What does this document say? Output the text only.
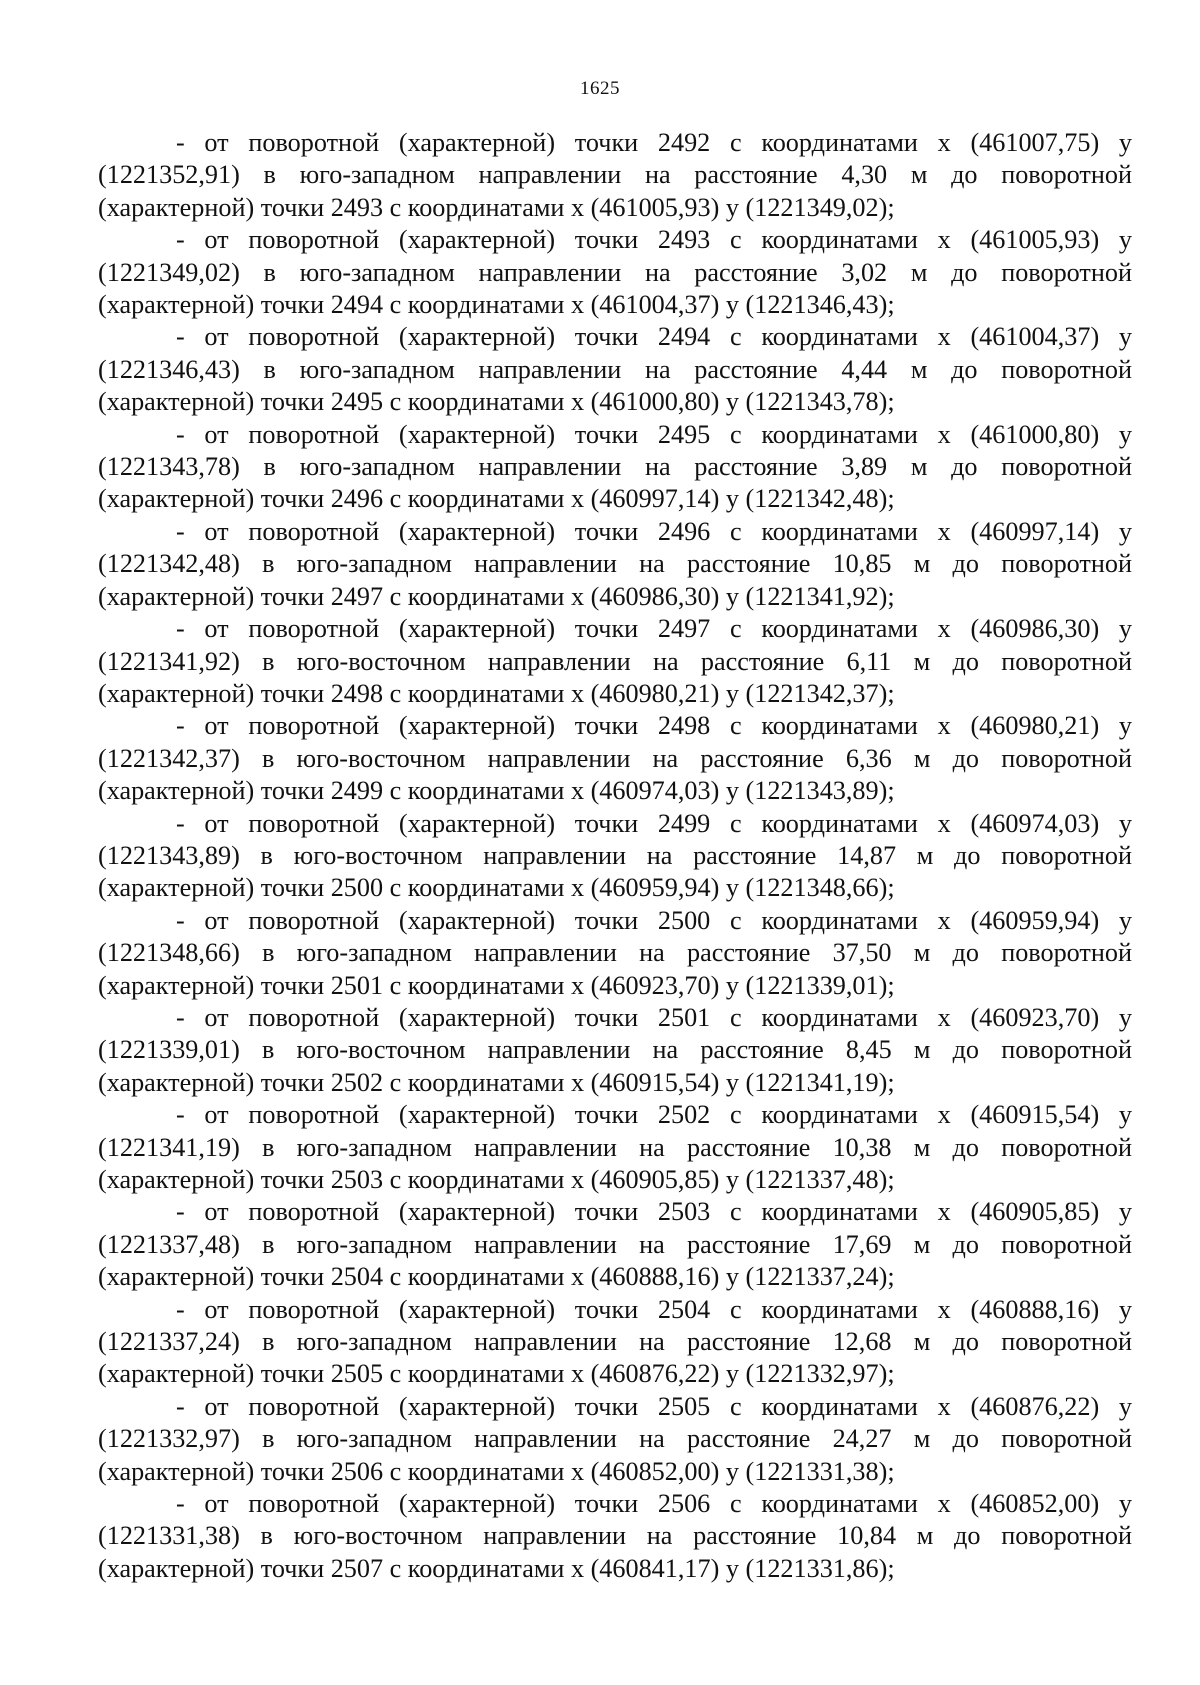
1625

- от поворотной (характерной) точки 2492 с координатами х (461007,75) у (1221352,91) в юго-западном направлении на расстояние 4,30 м до поворотной (характерной) точки 2493 с координатами х (461005,93) у (1221349,02);

- от поворотной (характерной) точки 2493 с координатами х (461005,93) у (1221349,02) в юго-западном направлении на расстояние 3,02 м до поворотной (характерной) точки 2494 с координатами х (461004,37) у (1221346,43);

- от поворотной (характерной) точки 2494 с координатами х (461004,37) у (1221346,43) в юго-западном направлении на расстояние 4,44 м до поворотной (характерной) точки 2495 с координатами х (461000,80) у (1221343,78);

- от поворотной (характерной) точки 2495 с координатами х (461000,80) у (1221343,78) в юго-западном направлении на расстояние 3,89 м до поворотной (характерной) точки 2496 с координатами х (460997,14) у (1221342,48);

- от поворотной (характерной) точки 2496 с координатами х (460997,14) у (1221342,48) в юго-западном направлении на расстояние 10,85 м до поворотной (характерной) точки 2497 с координатами х (460986,30) у (1221341,92);

- от поворотной (характерной) точки 2497 с координатами х (460986,30) у (1221341,92) в юго-восточном направлении на расстояние 6,11 м до поворотной (характерной) точки 2498 с координатами х (460980,21) у (1221342,37);

- от поворотной (характерной) точки 2498 с координатами х (460980,21) у (1221342,37) в юго-восточном направлении на расстояние 6,36 м до поворотной (характерной) точки 2499 с координатами х (460974,03) у (1221343,89);

- от поворотной (характерной) точки 2499 с координатами х (460974,03) у (1221343,89) в юго-восточном направлении на расстояние 14,87 м до поворотной (характерной) точки 2500 с координатами х (460959,94) у (1221348,66);

- от поворотной (характерной) точки 2500 с координатами х (460959,94) у (1221348,66) в юго-западном направлении на расстояние 37,50 м до поворотной (характерной) точки 2501 с координатами х (460923,70) у (1221339,01);

- от поворотной (характерной) точки 2501 с координатами х (460923,70) у (1221339,01) в юго-восточном направлении на расстояние 8,45 м до поворотной (характерной) точки 2502 с координатами х (460915,54) у (1221341,19);

- от поворотной (характерной) точки 2502 с координатами х (460915,54) у (1221341,19) в юго-западном направлении на расстояние 10,38 м до поворотной (характерной) точки 2503 с координатами х (460905,85) у (1221337,48);

- от поворотной (характерной) точки 2503 с координатами х (460905,85) у (1221337,48) в юго-западном направлении на расстояние 17,69 м до поворотной (характерной) точки 2504 с координатами х (460888,16) у (1221337,24);

- от поворотной (характерной) точки 2504 с координатами х (460888,16) у (1221337,24) в юго-западном направлении на расстояние 12,68 м до поворотной (характерной) точки 2505 с координатами х (460876,22) у (1221332,97);

- от поворотной (характерной) точки 2505 с координатами х (460876,22) у (1221332,97) в юго-западном направлении на расстояние 24,27 м до поворотной (характерной) точки 2506 с координатами х (460852,00) у (1221331,38);

- от поворотной (характерной) точки 2506 с координатами х (460852,00) у (1221331,38) в юго-восточном направлении на расстояние 10,84 м до поворотной (характерной) точки 2507 с координатами х (460841,17) у (1221331,86);
